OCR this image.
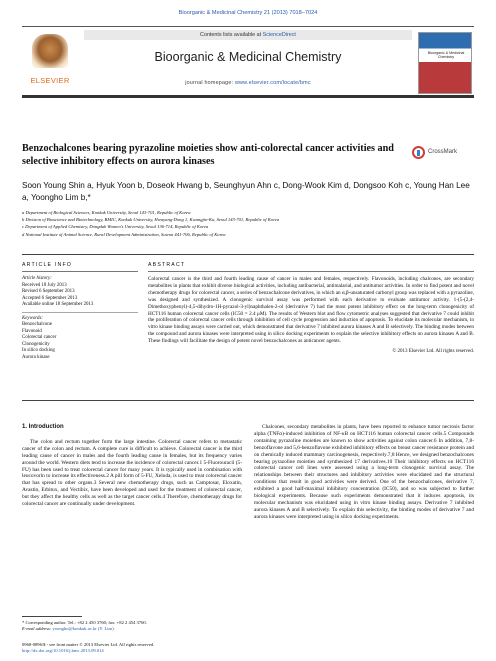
Bioorganic & Medicinal Chemistry 21 (2013) 7018–7024
ELSEVIER
Contents lists available at ScienceDirect
Bioorganic & Medicinal Chemistry
journal homepage: www.elsevier.com/locate/bmc
Bioorganic & Medicinal Chemistry
Benzochalcones bearing pyrazoline moieties show anti-colorectal cancer activities and selective inhibitory effects on aurora kinases
CrossMark
Soon Young Shin a, Hyuk Yoon b, Doseok Hwang b, Seunghyun Ahn c, Dong-Wook Kim d, Dongsoo Koh c, Young Han Lee a, Yoongho Lim b,*
a Department of Biological Sciences, Konkuk University, Seoul 143-701, Republic of Korea
b Division of Bioscience and Biotechnology, BMIC, Konkuk University, Hwayang-Dong 1, Kwangjin-Ku, Seoul 143-701, Republic of Korea
c Department of Applied Chemistry, Dongduk Women's University, Seoul 136-714, Republic of Korea
d National Institute of Animal Science, Rural Development Administration, Suwon 441-706, Republic of Korea
ARTICLE INFO
Article history:
Received 18 July 2013
Revised 6 September 2013
Accepted 6 September 2013
Available online 18 September 2013
Keywords:
Benzochalcone
Flavonoid
Colorectal cancer
Clonogenicity
In silico docking
Aurora kinase
ABSTRACT
Colorectal cancer is the third and fourth leading cause of cancer in males and females, respectively. Flavonoids, including chalcones, are secondary metabolites in plants that exhibit diverse biological activities, including antibacterial, antimalarial, and antitumor activities. In order to find potent and novel chemotherapy drugs for colorectal cancer, a series of benzochalcone derivatives, in which an α,β-unsaturated carbonyl group was replaced with a pyrazoline, was designed and synthesized. A clonogenic survival assay was performed with each derivative to evaluate antitumor activity. 1-(5-(2,4-Dimethoxyphenyl)-4,5-dihydro-1H-pyrazol-3-yl)naphthalen-2-ol (derivative 7) had the most potent inhibitory effect on the long-term clonogenicity of HCT116 human colorectal cancer cells (IC50 = 2.4 μM). The results of Western blot and flow cytometric analyses suggested that derivative 7 could inhibit the proliferation of colorectal cancer cells through inhibition of cell cycle progression and induction of apoptosis. To elucidate its molecular mechanism, in vitro kinase binding assays were carried out, which demonstrated that derivative 7 inhibited aurora kinases A and B selectively. The binding modes between the compound and aurora kinases were interpreted using in silico docking experiments to explain the selective inhibitory effects on aurora kinases A and B. These findings will facilitate the design of potent novel benzochalcones as anticancer agents.
© 2013 Elsevier Ltd. All rights reserved.
1. Introduction
The colon and rectum together form the large intestine. Colorectal cancer refers to metastatic cancer of the colon and rectum. A complete cure is difficult to achieve. Colorectal cancer is the third leading cause of cancer in males and the fourth leading cause in females, but its frequency varies around the world. Western diets tend to increase the incidence of colorectal cancer.1 5-Fluorouracil (5-FU) has been used to treat colorectal cancer for many years. It is typically used in combination with leucovorin to increase its effectiveness.2 A pill form of 5-FU, Xeloda, is used to treat colorectal cancer that has spread to other organs.3 Several new chemotherapy drugs, such as Camptosar, Eloxatin, Avastin, Erbitux, and Vectibix, have been developed and used for the treatment of colorectal cancer, but they affect the healthy cells as well as the target cancer cells.4 Therefore, chemotherapy drugs for colorectal cancer are continually under development.
Chalcones, secondary metabolites in plants, have been reported to enhance tumor necrosis factor alpha (TNFα)-induced inhibition of NF-κB on HCT116 human colorectal cancer cells.5 Compounds containing pyrazoline moieties are known to show activities against colon cancer.6 In addition, 7,8-benzoflavone and 5,6-benzoflavone exhibited inhibitory effects on breast cancer resistance protein and on chemically induced mammary carcinogenesis, respectively.7,8 Hence, we designed benzochalcones bearing pyrazoline moieties and synthesized 17 derivatives.10 Their inhibitory effects on HCT116 colorectal cancer cell lines were assessed using a long-term clonogenic survival assay. The relationships between their structures and inhibitory activities were elucidated and the structural conditions that result in good activities were derived. One of the benzochalcones, derivative 7, exhibited a good half-maximal inhibitory concentration (IC50), and so was subjected to further biological experiments. Because such experiments demonstrated that it induces apoptosis, its molecular mechanism was elucidated using in vitro kinase binding assays. Derivative 7 inhibited aurora kinases A and B selectively. To explain this selectivity, the binding modes of derivative 7 and aurora kinases were interpreted using in silico docking experiments.
* Corresponding author. Tel.: +82 2 450 3760; fax: +82 2 454 3760.
E-mail address: yoongho@konkuk.ac.kr (Y. Lim).
0968-0896/$ - see front matter © 2013 Elsevier Ltd. All rights reserved.
http://dx.doi.org/10.1016/j.bmc.2013.09.014
